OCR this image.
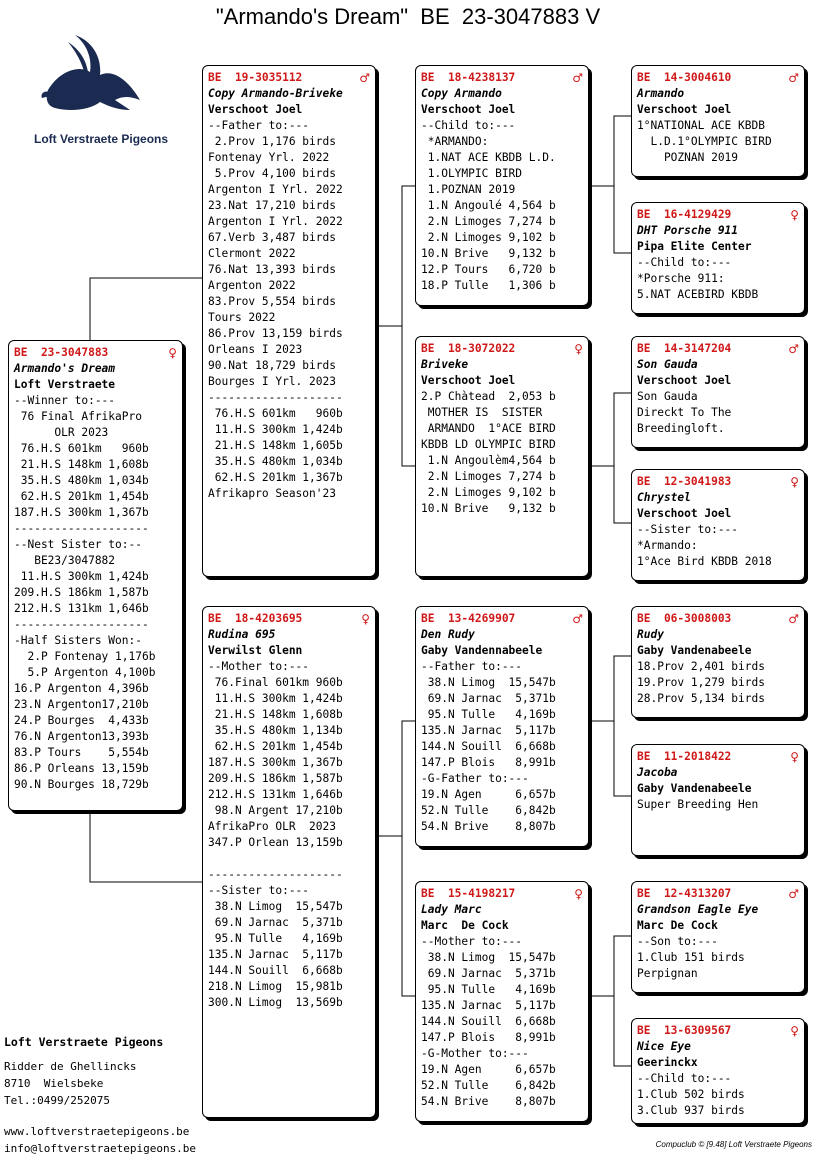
"Armando's Dream"  BE  23-3047883 V
Loft Verstraete Pigeons
BE  23-3047883	♀
Armando's Dream
Loft Verstraete
--Winner to:---
76 Final AfrikaPro
OLR 2023
76.H.S 601km   960b
21.H.S 148km 1,608b
35.H.S 480km 1,034b
62.H.S 201km 1,454b
187.H.S 300km 1,367b
--------------------
--Nest Sister to:--
BE23/3047882
11.H.S 300km 1,424b
209.H.S 186km 1,587b
212.H.S 131km 1,646b
--------------------
-Half Sisters Won:-
2.P Fontenay 1,176b
5.P Argenton 4,100b
16.P Argenton 4,396b
23.N Argenton17,210b
24.P Bourges  4,433b
76.N Argenton13,393b
83.P Tours    5,554b
86.P Orleans 13,159b
90.N Bourges 18,729b
BE  19-3035112	♂
Copy Armando-Briveke
Verschoot Joel
--Father to:---
2.Prov 1,176 birds
Fontenay Yrl. 2022
5.Prov 4,100 birds
Argenton I Yrl. 2022
23.Nat 17,210 birds
Argenton I Yrl. 2022
67.Verb 3,487 birds
Clermont 2022
76.Nat 13,393 birds
Argenton 2022
83.Prov 5,554 birds
Tours 2022
86.Prov 13,159 birds
Orleans I 2023
90.Nat 18,729 birds
Bourges I Yrl. 2023
--------------------
76.H.S 601km   960b
11.H.S 300km 1,424b
21.H.S 148km 1,605b
35.H.S 480km 1,034b
62.H.S 201km 1,367b
Afrikapro Season'23
BE  18-4203695	♀
Rudina 695
Verwilst Glenn
--Mother to:---
76.Final 601km 960b
11.H.S 300km 1,424b
21.H.S 148km 1,608b
35.H.S 480km 1,134b
62.H.S 201km 1,454b
187.H.S 300km 1,367b
209.H.S 186km 1,587b
212.H.S 131km 1,646b
98.N Argent 17,210b
AfrikaPro OLR  2023
347.P Orlean 13,159b

--------------------
--Sister to:---
38.N Limog  15,547b
69.N Jarnac  5,371b
95.N Tulle   4,169b
135.N Jarnac  5,117b
144.N Souill  6,668b
218.N Limog  15,981b
300.N Limog  13,569b
BE  18-4238137	♂
Copy Armando
Verschoot Joel
--Child to:---
*ARMANDO:
1.NAT ACE KBDB L.D.
1.OLYMPIC BIRD
1.POZNAN 2019
1.N Angoulé 4,564 b
2.N Limoges 7,274 b
2.N Limoges 9,102 b
10.N Brive   9,132 b
12.P Tours   6,720 b
18.P Tulle   1,306 b
BE  18-3072022	♀
Briveke
Verschoot Joel
2.P Chàtead  2,053 b
MOTHER IS  SISTER
ARMANDO  1°ACE BIRD
KBDB LD OLYMPIC BIRD
1.N Angoulèm4,564 b
2.N Limoges 7,274 b
2.N Limoges 9,102 b
10.N Brive   9,132 b
BE  13-4269907	♂
Den Rudy
Gaby Vandennabeele
--Father to:---
38.N Limog  15,547b
69.N Jarnac  5,371b
95.N Tulle   4,169b
135.N Jarnac  5,117b
144.N Souill  6,668b
147.P Blois   8,991b
-G-Father to:---
19.N Agen     6,657b
52.N Tulle    6,842b
54.N Brive    8,807b
BE  15-4198217	♀
Lady Marc
Marc  De Cock
--Mother to:---
38.N Limog  15,547b
69.N Jarnac  5,371b
95.N Tulle   4,169b
135.N Jarnac  5,117b
144.N Souill  6,668b
147.P Blois   8,991b
-G-Mother to:---
19.N Agen     6,657b
52.N Tulle    6,842b
54.N Brive    8,807b
BE  14-3004610	♂
Armando
Verschoot Joel
1°NATIONAL ACE KBDB
L.D.1°OLYMPIC BIRD
POZNAN 2019
BE  16-4129429	♀
DHT Porsche 911
Pipa Elite Center
--Child to:---
*Porsche 911:
5.NAT ACEBIRD KBDB
BE  14-3147204	♂
Son Gauda
Verschoot Joel
Son Gauda
Direckt To The
Breedingloft.
BE  12-3041983	♀
Chrystel
Verschoot Joel
--Sister to:---
*Armando:
1°Ace Bird KBDB 2018
BE  06-3008003	♂
Rudy
Gaby Vandenabeele
18.Prov 2,401 birds
19.Prov 1,279 birds
28.Prov 5,134 birds
BE  11-2018422	♀
Jacoba
Gaby Vandenabeele
Super Breeding Hen
BE  12-4313207	♂
Grandson Eagle Eye
Marc De Cock
--Son to:---
1.Club 151 birds
Perpignan
BE  13-6309567	♀
Nice Eye
Geerinckx
--Child to:---
1.Club 502 birds
3.Club 937 birds
Loft Verstraete Pigeons
Ridder de Ghellincks
8710  Wielsbeke
Tel.:0499/252075
www.loftverstraetepigeons.be
info@loftverstraetepigeons.be	Compuclub © [9.48] Loft Verstraete Pigeons
